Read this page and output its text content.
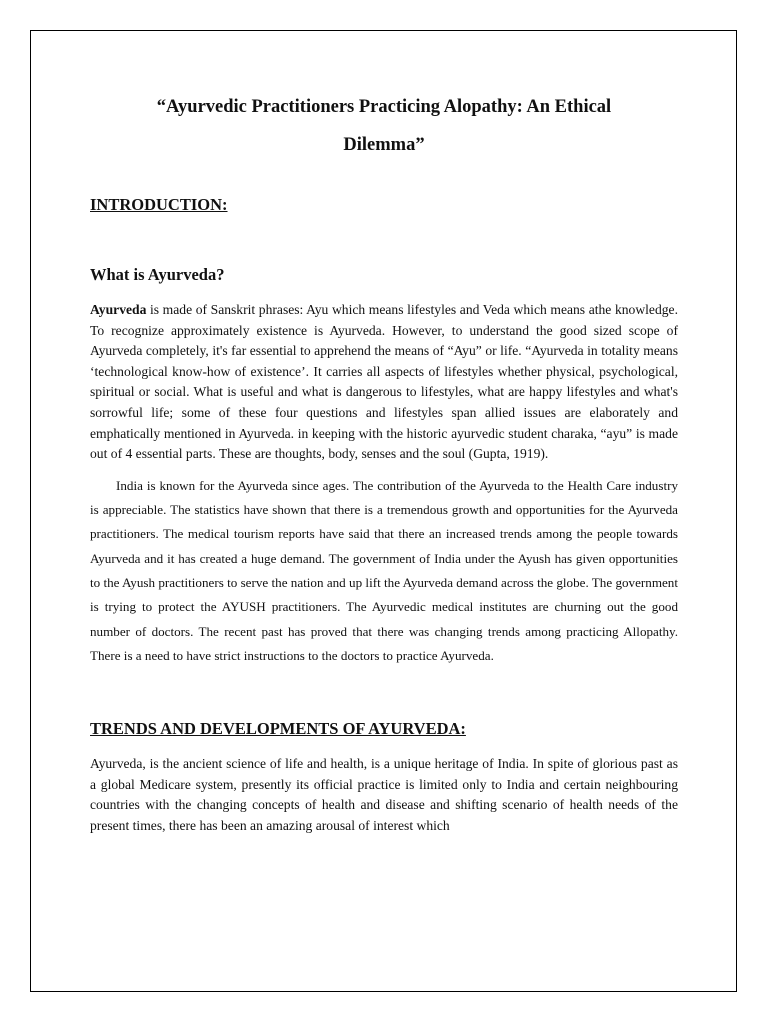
“Ayurvedic Practitioners Practicing Alopathy: An Ethical
Dilemma”

INTRODUCTION:
What is Ayurveda?

Ayurveda is made of Sanskrit phrases: Ayu which means lifestyles and Veda which means athe knowledge. To recognize approximately existence is Ayurveda. However, to understand the good sized scope of Ayurveda completely, it's far essential to apprehend the means of “Ayu” or life. “Ayurveda in totality means ‘technological know-how of existence’. It carries all aspects of lifestyles whether physical, psychological, spiritual or social. What is useful and what is dangerous to lifestyles, what are happy lifestyles and what's sorrowful life; some of these four questions and lifestyles span allied issues are elaborately and emphatically mentioned in Ayurveda. in keeping with the historic ayurvedic student charaka, “ayu” is made out of 4 essential parts. These are thoughts, body, senses and the soul (Gupta, 1919).

India is known for the Ayurveda since ages. The contribution of the Ayurveda to the Health Care industry is appreciable. The statistics have shown that there is a tremendous growth and opportunities for the Ayurveda practitioners. The medical tourism reports have said that there an increased trends among the people towards Ayurveda and it has created a huge demand. The government of India under the Ayush has given opportunities to the Ayush practitioners to serve the nation and up lift the Ayurveda demand across the globe. The government is trying to protect the AYUSH practitioners. The Ayurvedic medical institutes are churning out the good number of doctors. The recent past has proved that there was changing trends among practicing Allopathy. There is a need to have strict instructions to the doctors to practice Ayurveda.

TRENDS AND DEVELOPMENTS OF AYURVEDA:

Ayurveda, is the ancient science of life and health, is a unique heritage of India. In spite of glorious past as a global Medicare system, presently its official practice is limited only to India and certain neighbouring countries with the changing concepts of health and disease and shifting scenario of health needs of the present times, there has been an amazing arousal of interest which
